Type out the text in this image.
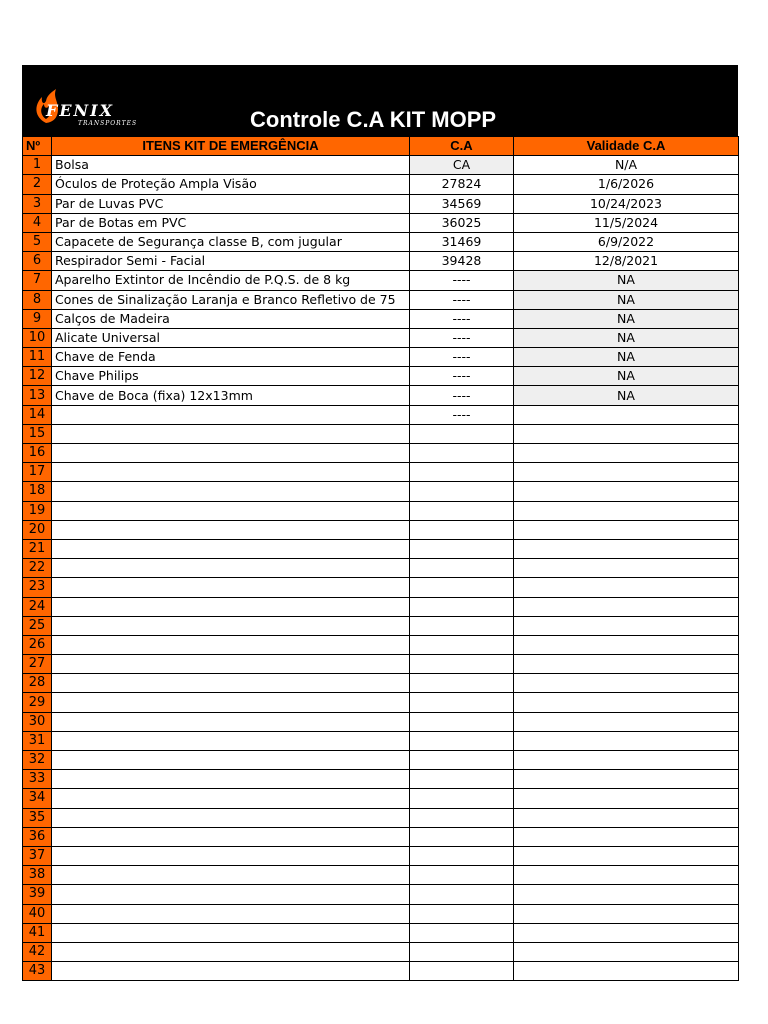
FENIX
TRANSPORTES	Controle C.A KIT MOPP
Nº	ITENS KIT DE EMERGÊNCIA	C.A	Validade C.A
1	Bolsa	CA	N/A
2	Óculos de Proteção Ampla Visão	27824	1/6/2026
3	Par de Luvas PVC	34569	10/24/2023
4	Par de Botas em PVC	36025	11/5/2024
5	Capacete de Segurança classe B, com jugular	31469	6/9/2022
6	Respirador Semi - Facial	39428	12/8/2021
7	Aparelho Extintor de Incêndio de P.Q.S. de 8 kg	----	NA
8	Cones de Sinalização Laranja e Branco Refletivo de 75	----	NA
9	Calços de Madeira	----	NA
10	Alicate Universal	----	NA
11	Chave de Fenda	----	NA
12	Chave Philips	----	NA
13	Chave de Boca (fixa) 12x13mm	----	NA
14		----	
15			
16			
17			
18			
19			
20			
21			
22			
23			
24			
25			
26			
27			
28			
29			
30			
31			
32			
33			
34			
35			
36			
37			
38			
39			
40			
41			
42			
43			
